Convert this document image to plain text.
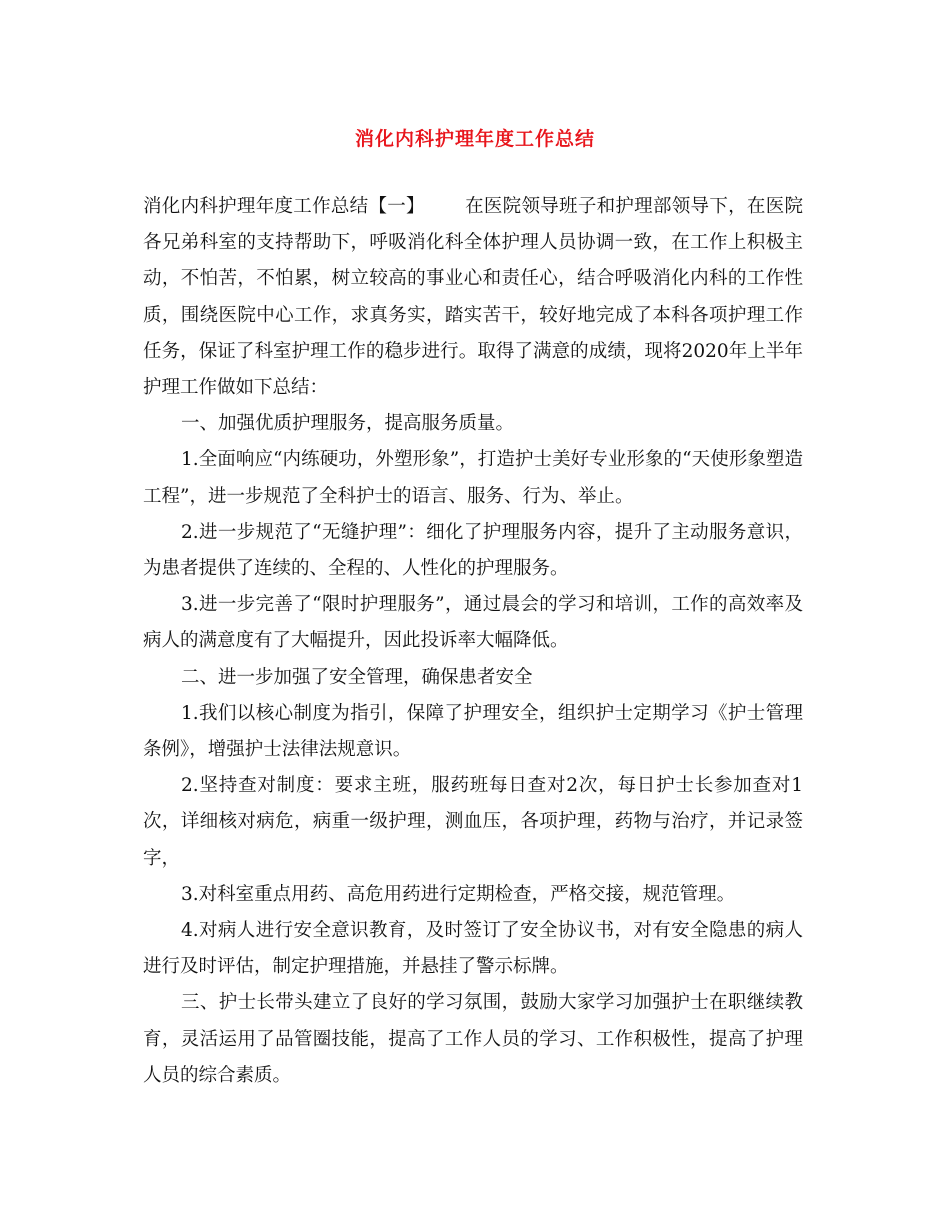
消化内科护理年度工作总结

消化内科护理年度工作总结【一】 在医院领导班子和护理部领导下，在医院各兄弟科室的支持帮助下，呼吸消化科全体护理人员协调一致，在工作上积极主动，不怕苦，不怕累，树立较高的事业心和责任心，结合呼吸消化内科的工作性质，围绕医院中心工作，求真务实，踏实苦干，较好地完成了本科各项护理工作任务，保证了科室护理工作的稳步进行。取得了满意的成绩，现将2020年上半年护理工作做如下总结：

一、加强优质护理服务，提高服务质量。

1.全面响应“内练硬功，外塑形象”，打造护士美好专业形象的“天使形象塑造工程”，进一步规范了全科护士的语言、服务、行为、举止。

2.进一步规范了“无缝护理”：细化了护理服务内容，提升了主动服务意识，为患者提供了连续的、全程的、人性化的护理服务。

3.进一步完善了“限时护理服务”，通过晨会的学习和培训，工作的高效率及病人的满意度有了大幅提升，因此投诉率大幅降低。

二、进一步加强了安全管理，确保患者安全

1.我们以核心制度为指引，保障了护理安全，组织护士定期学习《护士管理条例》，增强护士法律法规意识。

2.坚持查对制度：要求主班，服药班每日查对2次，每日护士长参加查对1次，详细核对病危，病重一级护理，测血压，各项护理，药物与治疗，并记录签字，

3.对科室重点用药、高危用药进行定期检查，严格交接，规范管理。

4.对病人进行安全意识教育，及时签订了安全协议书，对有安全隐患的病人进行及时评估，制定护理措施，并悬挂了警示标牌。

三、护士长带头建立了良好的学习氛围，鼓励大家学习加强护士在职继续教育，灵活运用了品管圈技能，提高了工作人员的学习、工作积极性，提高了护理人员的综合素质。
